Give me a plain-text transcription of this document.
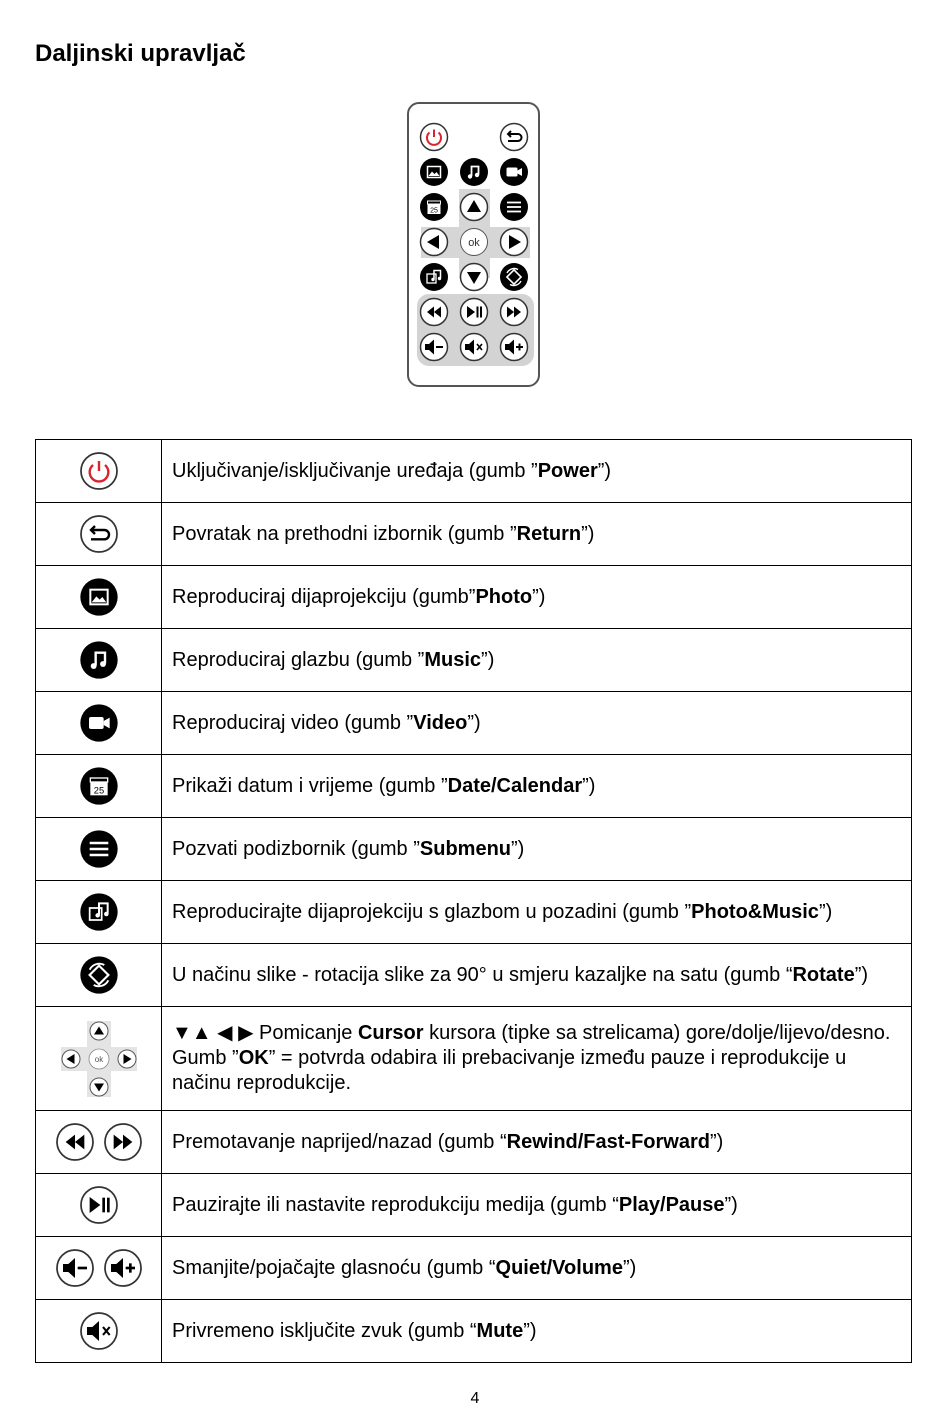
Daljinski upravljač
25
ok
	Uključivanje/isključivanje uređaja (gumb ”Power”)
	Povratak na prethodni izbornik (gumb ”Return”)
	Reproduciraj dijaprojekciju (gumb”Photo”)
	Reproduciraj glazbu (gumb ”Music”)
	Reproduciraj video (gumb ”Video”)

25	Prikaži datum i vrijeme (gumb ”Date/Calendar”)
	Pozvati podizbornik (gumb ”Submenu”)
	Reproducirajte dijaprojekciju s glazbom u pozadini (gumb ”Photo&Music”)
	U načinu slike - rotacija slike za 90° u smjeru kazaljke na satu (gumb “Rotate”)

ok	▼▲ ◀ ▶ Pomicanje Cursor kursora (tipke sa strelicama) gore/dolje/lijevo/desno. Gumb ”OK” = potvrda odabira ili prebacivanje između pauze i reprodukcije u načinu reprodukcije.
	Premotavanje naprijed/nazad (gumb “Rewind/Fast-Forward”)
	Pauzirajte ili nastavite reprodukciju medija (gumb “Play/Pause”)
	Smanjite/pojačajte glasnoću (gumb “Quiet/Volume”)
	Privremeno isključite zvuk (gumb “Mute”)
4
